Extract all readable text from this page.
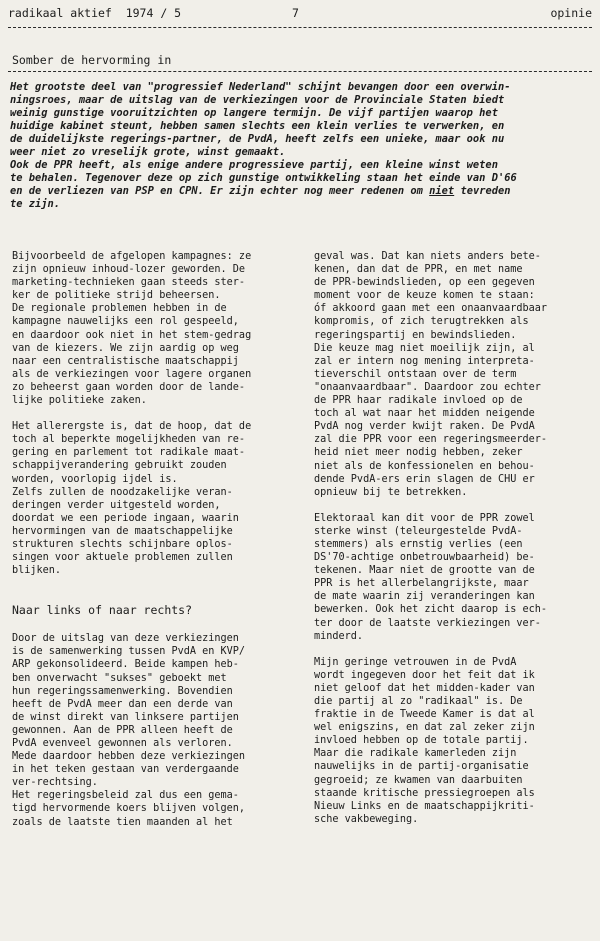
radikaal aktief  1974 / 5	7	opinie
Somber de hervorming in
Het grootste deel van "progressief Nederland" schijnt bevangen door een overwin-
ningsroes, maar de uitslag van de verkiezingen voor de Provinciale Staten biedt
weinig gunstige vooruitzichten op langere termijn. De vijf partijen waarop het
huidige kabinet steunt, hebben samen slechts een klein verlies te verwerken, en
de duidelijkste regerings-partner, de PvdA, heeft zelfs een unieke, maar ook nu
weer niet zo vreselijk grote, winst gemaakt.
Ook de PPR heeft, als enige andere progressieve partij, een kleine winst weten
te behalen. Tegenover deze op zich gunstige ontwikkeling staan het einde van D'66
en de verliezen van PSP en CPN. Er zijn echter nog meer redenen om niet tevreden
te zijn.

Bijvoorbeeld de afgelopen kampagnes: ze
zijn opnieuw inhoud-lozer geworden. De
marketing-technieken gaan steeds ster-
ker de politieke strijd beheersen.
De regionale problemen hebben in de
kampagne nauwelijks een rol gespeeld,
en daardoor ook niet in het stem-gedrag
van de kiezers. We zijn aardig op weg
naar een centralistische maatschappij
als de verkiezingen voor lagere organen
zo beheerst gaan worden door de lande-
lijke politieke zaken.

Het allerergste is, dat de hoop, dat de
toch al beperkte mogelijkheden van re-
gering en parlement tot radikale maat-
schappijverandering gebruikt zouden
worden, voorlopig ijdel is.
Zelfs zullen de noodzakelijke veran-
deringen verder uitgesteld worden,
doordat we een periode ingaan, waarin
hervormingen van de maatschappelijke
strukturen slechts schijnbare oplos-
singen voor aktuele problemen zullen
blijken.

Naar links of naar rechts?

Door de uitslag van deze verkiezingen
is de samenwerking tussen PvdA en KVP/
ARP gekonsolideerd. Beide kampen heb-
ben onverwacht "sukses" geboekt met
hun regeringssamenwerking. Bovendien
heeft de PvdA meer dan een derde van
de winst direkt van linksere partijen
gewonnen. Aan de PPR alleen heeft de
PvdA evenveel gewonnen als verloren.
Mede daardoor hebben deze verkiezingen
in het teken gestaan van verdergaande
ver-rechtsing.
Het regeringsbeleid zal dus een gema-
tigd hervormende koers blijven volgen,
zoals de laatste tien maanden al het

geval was. Dat kan niets anders bete-
kenen, dan dat de PPR, en met name
de PPR-bewindslieden, op een gegeven
moment voor de keuze komen te staan:
óf akkoord gaan met een onaanvaardbaar
kompromis, of zich terugtrekken als
regeringspartij en bewindslieden.
Die keuze mag niet moeilijk zijn, al
zal er intern nog mening interpreta-
tieverschil ontstaan over de term
"onaanvaardbaar". Daardoor zou echter
de PPR haar radikale invloed op de
toch al wat naar het midden neigende
PvdA nog verder kwijt raken. De PvdA
zal die PPR voor een regeringsmeerder-
heid niet meer nodig hebben, zeker
niet als de konfessionelen en behou-
dende PvdA-ers erin slagen de CHU er
opnieuw bij te betrekken.

Elektoraal kan dit voor de PPR zowel
sterke winst (teleurgestelde PvdA-
stemmers) als ernstig verlies (een
DS'70-achtige onbetrouwbaarheid) be-
tekenen. Maar niet de grootte van de
PPR is het allerbelangrijkste, maar
de mate waarin zij veranderingen kan
bewerken. Ook het zicht daarop is ech-
ter door de laatste verkiezingen ver-
minderd.

Mijn geringe vetrouwen in de PvdA
wordt ingegeven door het feit dat ik
niet geloof dat het midden-kader van
die partij al zo "radikaal" is. De
fraktie in de Tweede Kamer is dat al
wel enigszins, en dat zal zeker zijn
invloed hebben op de totale partij.
Maar die radikale kamerleden zijn
nauwelijks in de partij-organisatie
gegroeid; ze kwamen van daarbuiten
staande kritische pressiegroepen als
Nieuw Links en de maatschappijkriti-
sche vakbeweging.
